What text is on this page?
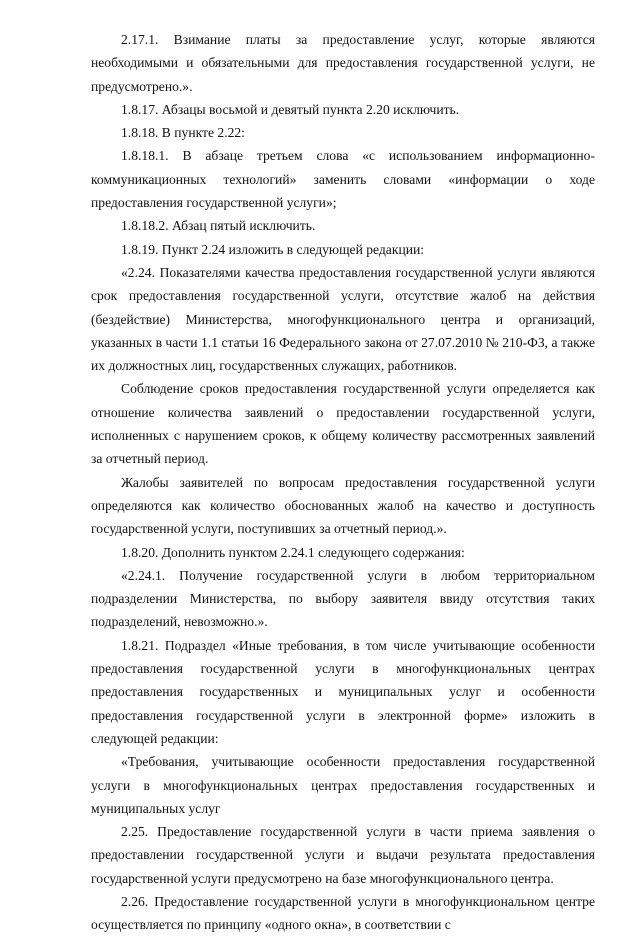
2.17.1. Взимание платы за предоставление услуг, которые являются необходимыми и обязательными для предоставления государственной услуги, не предусмотрено.».

1.8.17. Абзацы восьмой и девятый пункта 2.20 исключить.

1.8.18. В пункте 2.22:

1.8.18.1. В абзаце третьем слова «с использованием информационно-коммуникационных технологий» заменить словами «информации о ходе предоставления государственной услуги»;

1.8.18.2. Абзац пятый исключить.

1.8.19. Пункт 2.24 изложить в следующей редакции:

«2.24. Показателями качества предоставления государственной услуги являются срок предоставления государственной услуги, отсутствие жалоб на действия (бездействие) Министерства, многофункционального центра и организаций, указанных в части 1.1 статьи 16 Федерального закона от 27.07.2010 № 210-ФЗ, а также их должностных лиц, государственных служащих, работников.

Соблюдение сроков предоставления государственной услуги определяется как отношение количества заявлений о предоставлении государственной услуги, исполненных с нарушением сроков, к общему количеству рассмотренных заявлений за отчетный период.

Жалобы заявителей по вопросам предоставления государственной услуги определяются как количество обоснованных жалоб на качество и доступность государственной услуги, поступивших за отчетный период.».

1.8.20. Дополнить пунктом 2.24.1 следующего содержания:

«2.24.1. Получение государственной услуги в любом территориальном подразделении Министерства, по выбору заявителя ввиду отсутствия таких подразделений, невозможно.».

1.8.21. Подраздел «Иные требования, в том числе учитывающие особенности предоставления государственной услуги в многофункциональных центрах предоставления государственных и муниципальных услуг и особенности предоставления государственной услуги в электронной форме» изложить в следующей редакции:

«Требования, учитывающие особенности предоставления государственной услуги в многофункциональных центрах предоставления государственных и муниципальных услуг

2.25. Предоставление государственной услуги в части приема заявления о предоставлении государственной услуги и выдачи результата предоставления государственной услуги предусмотрено на базе многофункционального центра.

2.26. Предоставление государственной услуги в многофункциональном центре осуществляется по принципу «одного окна», в соответствии с
